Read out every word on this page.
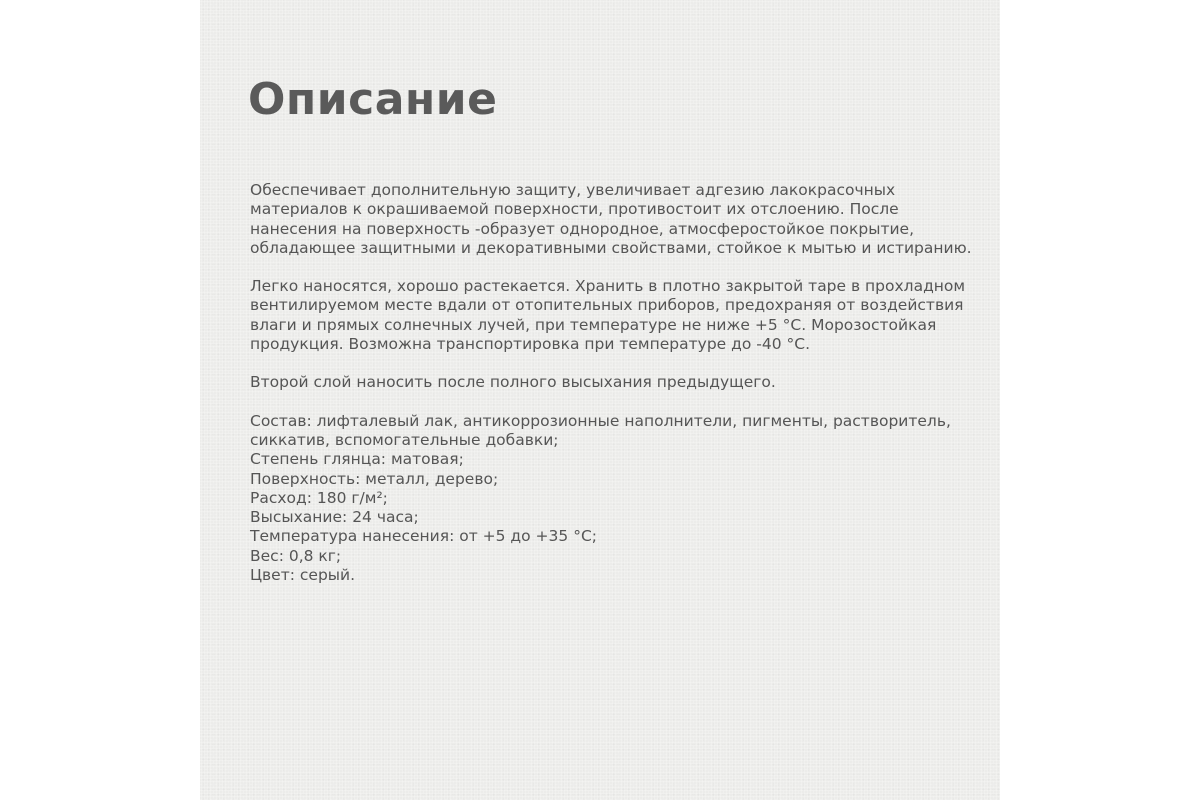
Описание

Обеспечивает дополнительную защиту, увеличивает адгезию лакокрасочных материалов к окрашиваемой поверхности, противостоит их отслоению. После нанесения на поверхность -образует однородное, атмосферостойкое покрытие, обладающее защитными и декоративными свойствами, стойкое к мытью и истиранию.

Легко наносятся, хорошо растекается. Хранить в плотно закрытой таре в прохладном вентилируемом месте вдали от отопительных приборов, предохраняя от воздействия влаги и прямых солнечных лучей, при температуре не ниже +5 °С. Морозостойкая продукция. Возможна транспортировка при температуре до -40 °С.

Второй слой наносить после полного высыхания предыдущего.

Состав: лифталевый лак, антикоррозионные наполнители, пигменты, растворитель, сиккатив, вспомогательные добавки;
Степень глянца: матовая;
Поверхность: металл, дерево;
Расход: 180 г/м²;
Высыхание: 24 часа;
Температура нанесения: от +5 до +35 °С;
Вес: 0,8 кг;
Цвет: серый.
